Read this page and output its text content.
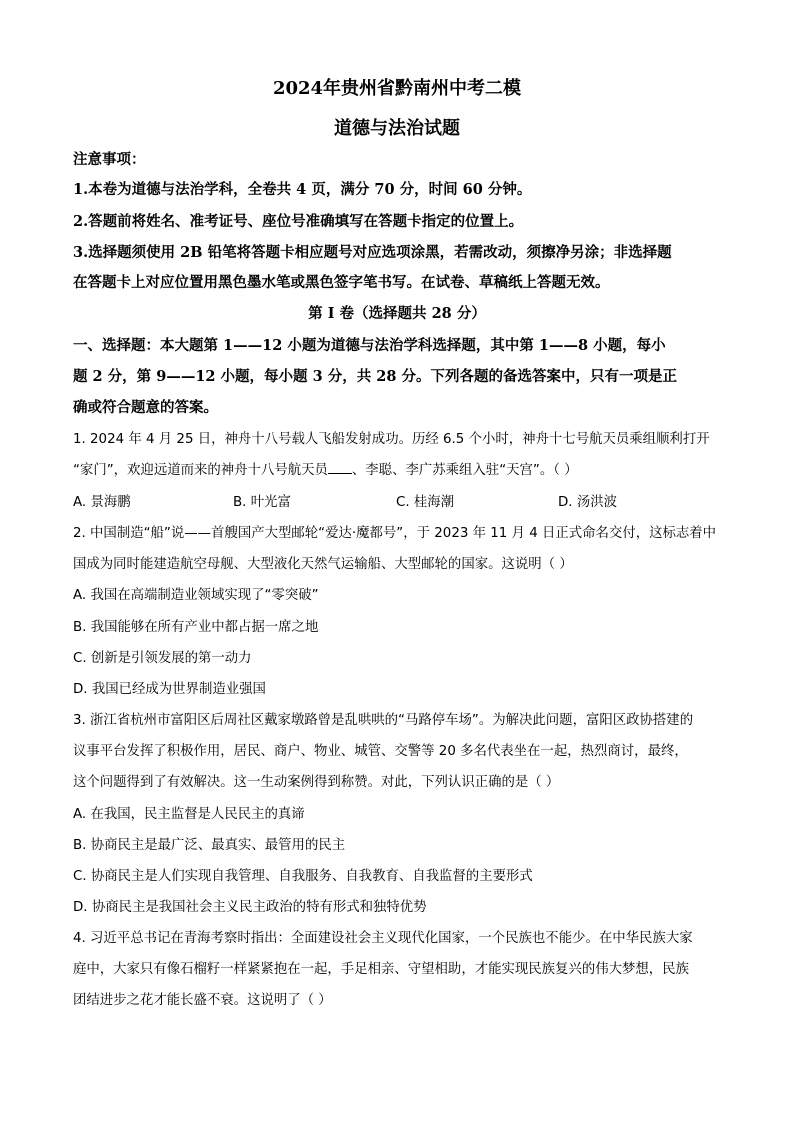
2024年贵州省黔南州中考二模
道德与法治试题
注意事项：
1.本卷为道德与法治学科，全卷共 4 页，满分 70 分，时间 60 分钟。
2.答题前将姓名、准考证号、座位号准确填写在答题卡指定的位置上。
3.选择题须使用 2B 铅笔将答题卡相应题号对应选项涂黑，若需改动，须擦净另涂；非选择题
在答题卡上对应位置用黑色墨水笔或黑色签字笔书写。在试卷、草稿纸上答题无效。
第 I 卷（选择题共 28 分）
一、选择题：本大题第 1——12 小题为道德与法治学科选择题，其中第 1——8 小题，每小
题 2 分，第 9——12 小题，每小题 3 分，共 28 分。下列各题的备选答案中，只有一项是正
确或符合题意的答案。
1. 2024 年 4 月 25 日，神舟十八号载人飞船发射成功。历经 6.5 个小时，神舟十七号航天员乘组顺利打开
“家门”，欢迎远道而来的神舟十八号航天员 、李聪、李广苏乘组入驻“天宫”。（ ）
A. 景海鹏	B. 叶光富	C. 桂海潮	D. 汤洪波
2. 中国制造“船”说——首艘国产大型邮轮“爱达·魔都号”，于 2023 年 11 月 4 日正式命名交付，这标志着中
国成为同时能建造航空母舰、大型液化天然气运输船、大型邮轮的国家。这说明（ ）
A. 我国在高端制造业领域实现了“零突破”
B. 我国能够在所有产业中都占据一席之地
C. 创新是引领发展的第一动力
D. 我国已经成为世界制造业强国
3. 浙江省杭州市富阳区后周社区戴家墩路曾是乱哄哄的“马路停车场”。为解决此问题，富阳区政协搭建的
议事平台发挥了积极作用，居民、商户、物业、城管、交警等 20 多名代表坐在一起，热烈商讨，最终，
这个问题得到了有效解决。这一生动案例得到称赞。对此，下列认识正确的是（ ）
A. 在我国，民主监督是人民民主的真谛
B. 协商民主是最广泛、最真实、最管用的民主
C. 协商民主是人们实现自我管理、自我服务、自我教育、自我监督的主要形式
D. 协商民主是我国社会主义民主政治的特有形式和独特优势
4. 习近平总书记在青海考察时指出：全面建设社会主义现代化国家，一个民族也不能少。在中华民族大家
庭中，大家只有像石榴籽一样紧紧抱在一起，手足相亲、守望相助，才能实现民族复兴的伟大梦想，民族
团结进步之花才能长盛不衰。这说明了（ ）
